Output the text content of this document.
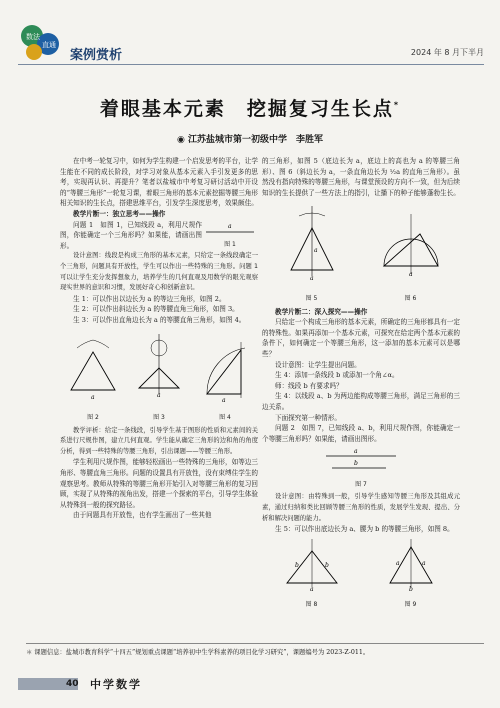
数法
直通
案例赏析	2024 年 8 月下半月
着眼基本元素　挖掘复习生长点*
◉ 江苏盐城市第一初级中学　李胜军

在中考一轮复习中，如何为学生构建一个启发思考的平台，让学生能在不同的成长阶段，对学习对象从基本元素入手引发更多的思考，实现再认识、再提升？笔者以盐城市中考复习研讨活动中开设的“等腰三角形”一轮复习课，着眼三角形的基本元素挖掘等腰三角形相关知识的生长点，搭建思维平台，引发学生深度思考，效果颇佳。

教学片断一：独立思考——操作

问题 1　如图 1，已知线段 a，利用尺规作图，你能确定一个三角形吗？如果能，请画出图形。

a
图 1

设计意图：线段是构成三角形的基本元素，只给定一条线段确定一个三角形，问题具有开放性，学生可以作出一些特殊的三角形。问题 1 可以让学生充分发挥想象力，培养学生的几何直观及用数学的眼光观察现实世界的意识和习惯，发展好奇心和创新意识。

生 1：可以作出以边长为 a 的等边三角形，如图 2。

生 2：可以作出斜边长为 a 的等腰直角三角形，如图 3。

生 3：可以作出直角边长为 a 的等腰直角三角形，如图 4。

a
图 2
a
图 3
a
图 4

教学评析：给定一条线段，引导学生基于图形的性质和元素间的关系进行尺规作图，建立几何直观。学生能从确定三角形的边和角的角度分析，得到一些特殊的等腰三角形，引出课题——等腰三角形。

学生利用尺规作图，能够轻松画出一些特殊的三角形，如等边三角形、等腰直角三角形。问题的设置具有开放性，没有束缚住学生的观察思考。教师从特殊的等腰三角形开始引入对等腰三角形的复习回顾，实现了从特殊的视角出发，搭建一个探索的平台，引导学生体验从特殊到一般的探究路径。

由于问题具有开放性，也有学生画出了一些其他

的三角形，如图 5（底边长为 a，底边上的高也为 a 的等腰三角形）、图 6（斜边长为 a，一条直角边长为 ½a 的直角三角形）。虽然没有指向特殊的等腰三角形，与课堂预设的方向不一致，但为后续知识的生长提供了一些方法上的指引，让播下的种子能够蓬勃生长。

a
a
图 5
a
图 6

教学片断二：深入探究——操作

只给定一个构成三角形的基本元素，所确定的三角形都具有一定的特殊性。如果再添加一个基本元素，可探究在给定两个基本元素的条件下，如何确定一个等腰三角形，这一添加的基本元素可以是哪些？

设计意图：让学生提出问题。

生 4：添加一条线段 b 或添加一个角∠α。

师：线段 b 有要求吗？

生 4：以线段 a、b 为两边能构成等腰三角形，满足三角形的三边关系。

下面探究第一种情形。

问题 2　如图 7，已知线段 a、b，利用尺规作图，你能确定一个等腰三角形吗？如果能，请画出图形。

a
b
图 7

设计意图：由特殊到一般，引导学生感知等腰三角形及其组成元素，通过归纳和类比回顾等腰三角形的性质，发展学生发现、提出、分析和解决问题的能力。

生 5：可以作出底边长为 a、腰为 b 的等腰三角形，如图 8。

b	b
a
图 8
a	a
b
图 9
＊ 课题信息：盐城市教育科学“十四五”规划重点课题“培养初中生学科素养的项目化学习研究”，课题编号为 2023-Z-011。
40 中学数学
